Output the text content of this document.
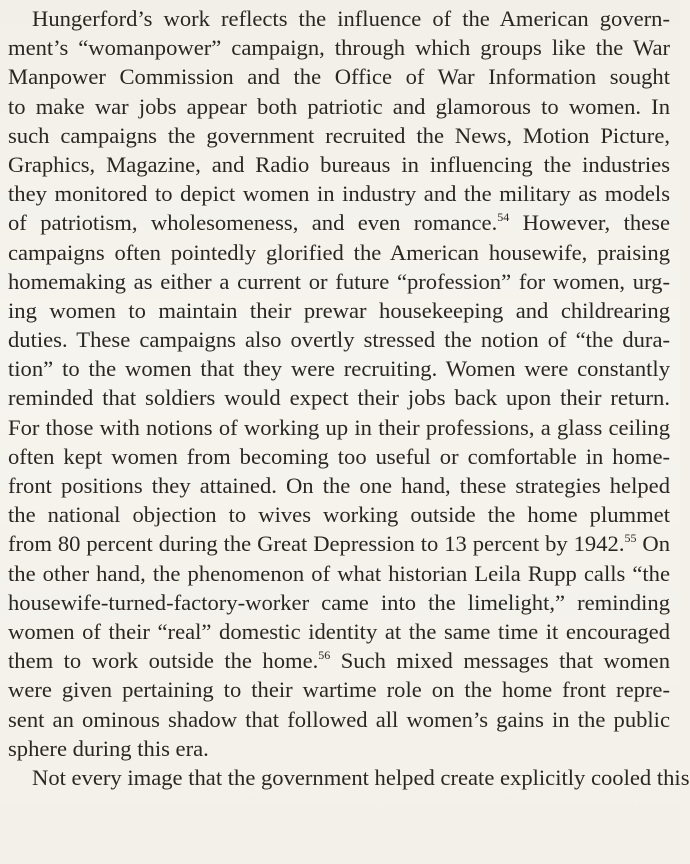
Hungerford’s work reflects the influence of the American govern-
ment’s “womanpower” campaign, through which groups like the War
Manpower Commission and the Office of War Information sought
to make war jobs appear both patriotic and glamorous to women. In
such campaigns the government recruited the News, Motion Picture,
Graphics, Magazine, and Radio bureaus in influencing the industries
they monitored to depict women in industry and the military as models
of patriotism, wholesomeness, and even romance.$^{54}$ However, these
campaigns often pointedly glorified the American housewife, praising
homemaking as either a current or future “profession” for women, urg-
ing women to maintain their prewar housekeeping and childrearing
duties. These campaigns also overtly stressed the notion of “the dura-
tion” to the women that they were recruiting. Women were constantly
reminded that soldiers would expect their jobs back upon their return.
For those with notions of working up in their professions, a glass ceiling
often kept women from becoming too useful or comfortable in home-
front positions they attained. On the one hand, these strategies helped
the national objection to wives working outside the home plummet
from 80 percent during the Great Depression to 13 percent by 1942.55 On
the other hand, the phenomenon of what historian Leila Rupp calls “the
housewife-turned-factory-worker came into the limelight,” reminding
women of their “real” domestic identity at the same time it encouraged
them to work outside the home.$^{56}$ Such mixed messages that women
were given pertaining to their wartime role on the home front repre-
sent an ominous shadow that followed all women’s gains in the public
sphere during this era.
Not every image that the government helped create explicitly cooled this
